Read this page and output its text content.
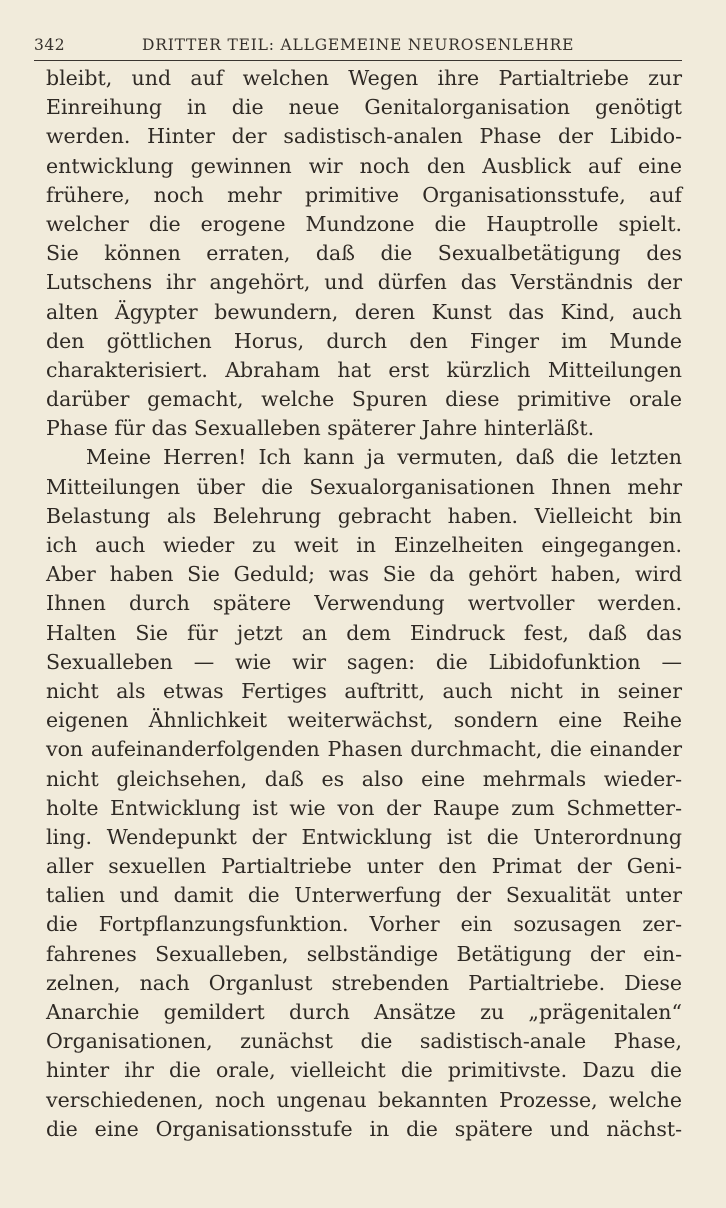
342	DRITTER TEIL: ALLGEMEINE NEUROSENLEHRE
bleibt, und auf welchen Wegen ihre Partialtriebe zur
Einreihung in die neue Genitalorganisation genötigt
werden. Hinter der sadistisch-analen Phase der Libido-
entwicklung gewinnen wir noch den Ausblick auf eine
frühere, noch mehr primitive Organisationsstufe, auf
welcher die erogene Mundzone die Hauptrolle spielt.
Sie können erraten, daß die Sexualbetätigung des
Lutschens ihr angehört, und dürfen das Verständnis der
alten Ägypter bewundern, deren Kunst das Kind, auch
den göttlichen Horus, durch den Finger im Munde
charakterisiert. Abraham hat erst kürzlich Mitteilungen
darüber gemacht, welche Spuren diese primitive orale
Phase für das Sexualleben späterer Jahre hinterläßt.
Meine Herren! Ich kann ja vermuten, daß die letzten
Mitteilungen über die Sexualorganisationen Ihnen mehr
Belastung als Belehrung gebracht haben. Vielleicht bin
ich auch wieder zu weit in Einzelheiten eingegangen.
Aber haben Sie Geduld; was Sie da gehört haben, wird
Ihnen durch spätere Verwendung wertvoller werden.
Halten Sie für jetzt an dem Eindruck fest, daß das
Sexualleben — wie wir sagen: die Libidofunktion —
nicht als etwas Fertiges auftritt, auch nicht in seiner
eigenen Ähnlichkeit weiterwächst, sondern eine Reihe
von aufeinanderfolgenden Phasen durchmacht, die einander
nicht gleichsehen, daß es also eine mehrmals wieder-
holte Entwicklung ist wie von der Raupe zum Schmetter-
ling. Wendepunkt der Entwicklung ist die Unterordnung
aller sexuellen Partialtriebe unter den Primat der Geni-
talien und damit die Unterwerfung der Sexualität unter
die Fortpflanzungsfunktion. Vorher ein sozusagen zer-
fahrenes Sexualleben, selbständige Betätigung der ein-
zelnen, nach Organlust strebenden Partialtriebe. Diese
Anarchie gemildert durch Ansätze zu „prägenitalen“
Organisationen, zunächst die sadistisch-anale Phase,
hinter ihr die orale, vielleicht die primitivste. Dazu die
verschiedenen, noch ungenau bekannten Prozesse, welche
die eine Organisationsstufe in die spätere und nächst-
